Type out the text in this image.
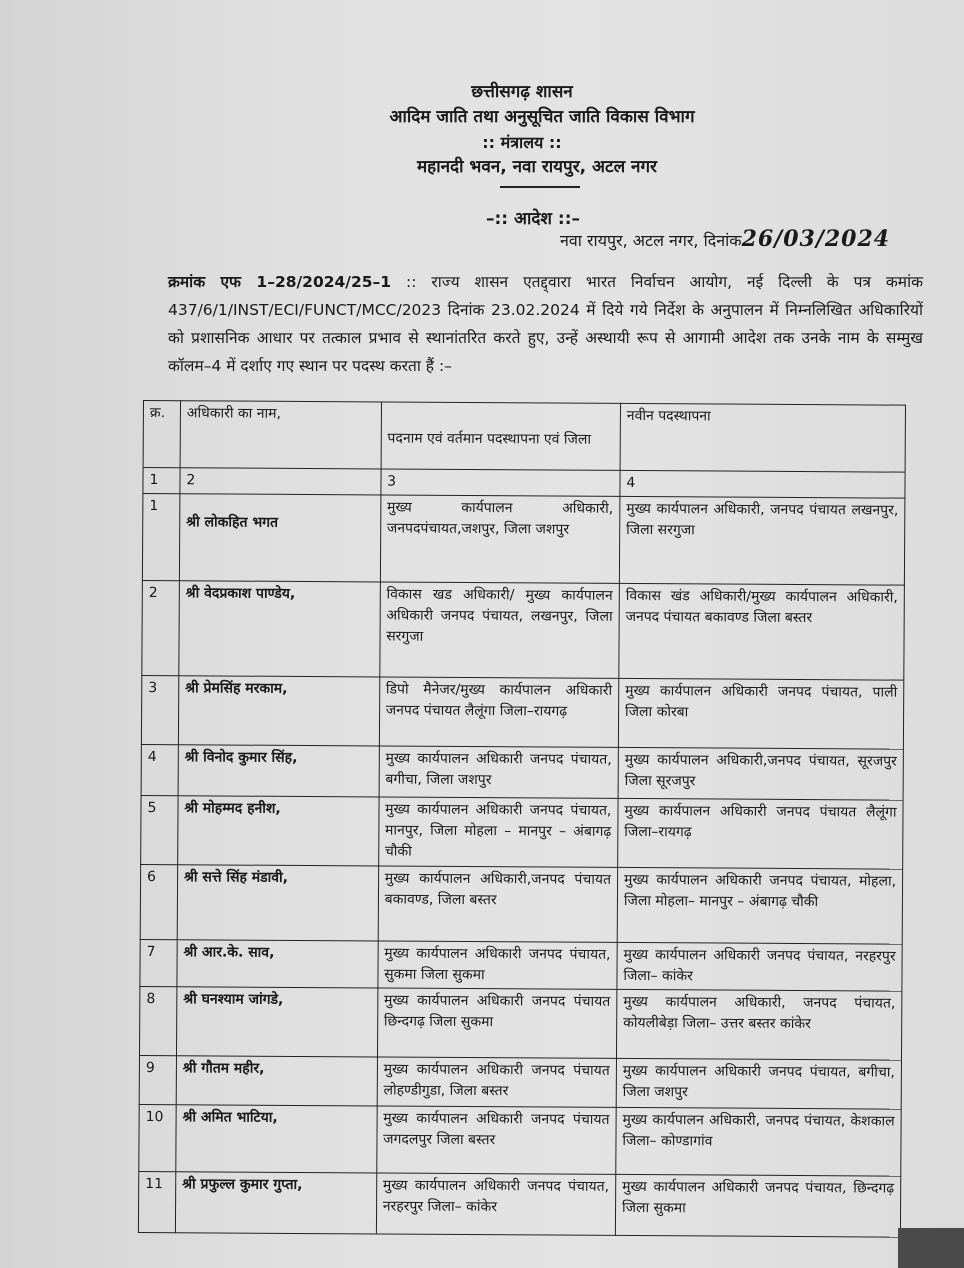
छत्तीसगढ़ शासन
आदिम जाति तथा अनुसूचित जाति विकास विभाग
:: मंत्रालय ::
महानदी भवन, नवा रायपुर, अटल नगर
–:: आदेश ::–
नवा रायपुर, अटल नगर, दिनांक26/03/2024
क्रमांक एफ 1–28/2024/25–1 :: राज्य शासन एतद्द्वारा भारत निर्वाचन आयोग, नई दिल्ली के पत्र कमांक 437/6/1/INST/ECI/FUNCT/MCC/2023 दिनांक 23.02.2024 में दिये गये निर्देश के अनुपालन में निम्नलिखित अधिकारियों को प्रशासनिक आधार पर तत्काल प्रभाव से स्थानांतरित करते हुए, उन्हें अस्थायी रूप से आगामी आदेश तक उनके नाम के सम्मुख कॉलम–4 में दर्शाए गए स्थान पर पदस्थ करता हैं :–
क्र.	अधिकारी का नाम,	पदनाम एवं वर्तमान पदस्थापना एवं जिला	नवीन पदस्थापना
1	2	3	4
1	श्री लोकहित भगत	मुख्य कार्यपालन अधिकारी, जनपदपंचायत,जशपुर, जिला जशपुर	मुख्य कार्यपालन अधिकारी, जनपद पंचायत लखनपुर, जिला सरगुजा
2	श्री वेदप्रकाश पाण्डेय,	विकास खड अधिकारी/ मुख्य कार्यपालन अधिकारी जनपद पंचायत, लखनपुर, जिला सरगुजा	विकास खंड अधिकारी/मुख्य कार्यपालन अधिकारी, जनपद पंचायत बकावण्ड जिला बस्तर
3	श्री प्रेमसिंह मरकाम,	डिपो मैनेजर/मुख्य कार्यपालन अधिकारी जनपद पंचायत लैलूंगा जिला–रायगढ़	मुख्य कार्यपालन अधिकारी जनपद पंचायत, पाली जिला कोरबा
4	श्री विनोद कुमार सिंह,	मुख्य कार्यपालन अधिकारी जनपद पंचायत, बगीचा, जिला जशपुर	मुख्य कार्यपालन अधिकारी,जनपद पंचायत, सूरजपुर जिला सूरजपुर
5	श्री मोहम्मद हनीश,	मुख्य कार्यपालन अधिकारी जनपद पंचायत, मानपुर, जिला मोहला – मानपुर – अंबागढ़ चौकी	मुख्य कार्यपालन अधिकारी जनपद पंचायत लैलूंगा जिला–रायगढ़
6	श्री सत्ते सिंह मंडावी,	मुख्य कार्यपालन अधिकारी,जनपद पंचायत बकावण्ड, जिला बस्तर	मुख्य कार्यपालन अधिकारी जनपद पंचायत, मोहला, जिला मोहला– मानपुर – अंबागढ़ चौकी
7	श्री आर.के. साव,	मुख्य कार्यपालन अधिकारी जनपद पंचायत, सुकमा जिला सुकमा	मुख्य कार्यपालन अधिकारी जनपद पंचायत, नरहरपुर जिला– कांकेर
8	श्री घनश्याम जांगडे,	मुख्य कार्यपालन अधिकारी जनपद पंचायत छिन्दगढ़ जिला सुकमा	मुख्य कार्यपालन अधिकारी, जनपद पंचायत, कोयलीबेड़ा जिला– उत्तर बस्तर कांकेर
9	श्री गौतम महीर,	मुख्य कार्यपालन अधिकारी जनपद पंचायत लोहण्डीगुडा, जिला बस्तर	मुख्य कार्यपालन अधिकारी जनपद पंचायत, बगीचा, जिला जशपुर
10	श्री अमित भाटिया,	मुख्य कार्यपालन अधिकारी जनपद पंचायत जगदलपुर जिला बस्तर	मुख्य कार्यपालन अधिकारी, जनपद पंचायत, केशकाल जिला– कोण्डागांव
11	श्री प्रफुल्ल कुमार गुप्ता,	मुख्य कार्यपालन अधिकारी जनपद पंचायत, नरहरपुर जिला– कांकेर	मुख्य कार्यपालन अधिकारी जनपद पंचायत, छिन्दगढ़ जिला सुकमा
